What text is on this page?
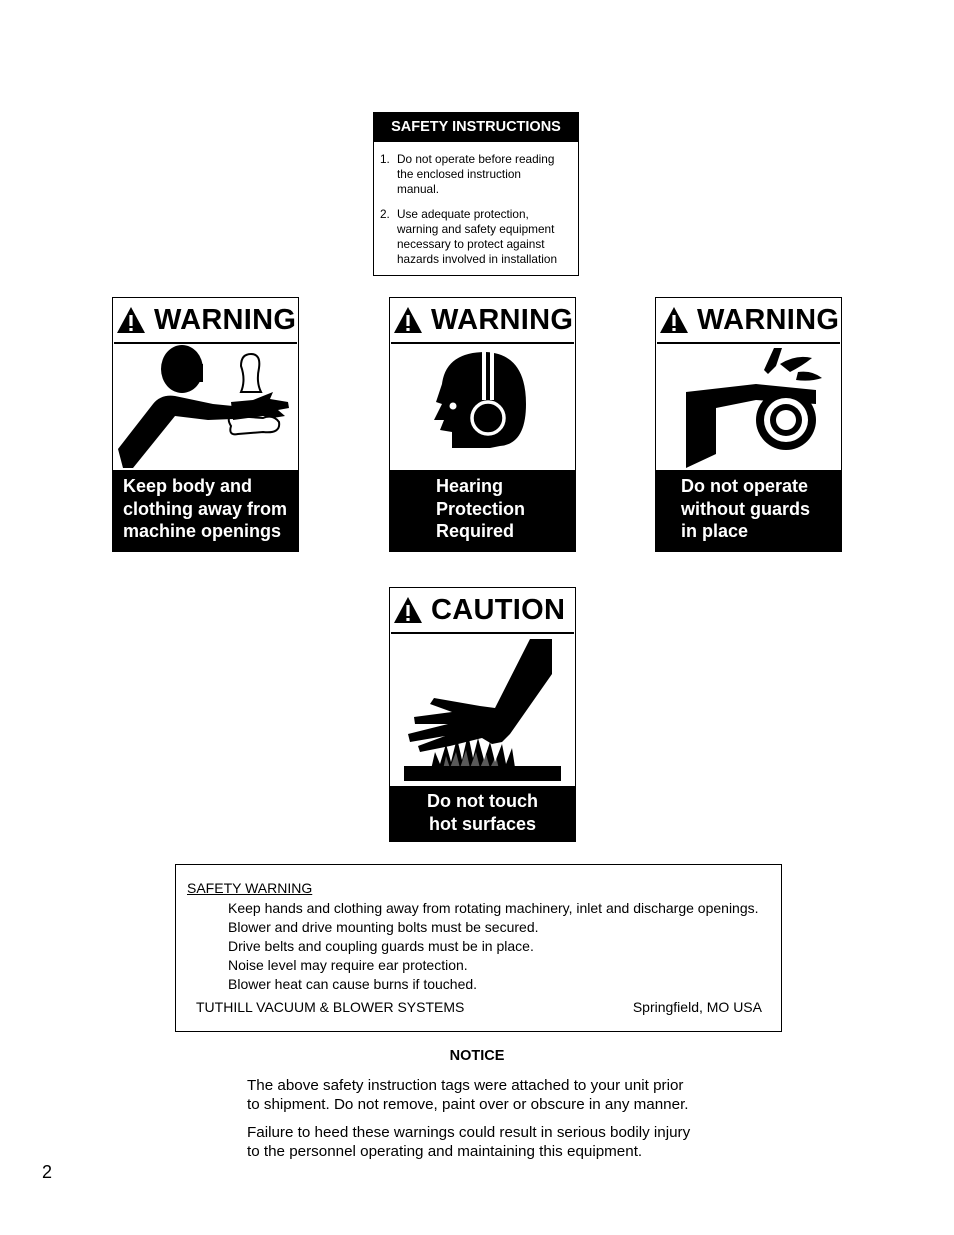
SAFETY INSTRUCTIONS
1. Do not operate before reading
the enclosed instruction
manual.
2. Use adequate protection,
warning and safety equipment
necessary to protect against
hazards involved in installation
WARNING
Keep body and
clothing away from
machine openings
WARNING
Hearing
Protection
Required
WARNING
Do not operate
without guards
in place
CAUTION
Do not touch
hot surfaces
SAFETY WARNING
Keep hands and clothing away from rotating machinery, inlet and discharge openings.
Blower and drive mounting bolts must be secured.
Drive belts and coupling guards must be in place.
Noise level may require ear protection.
Blower heat can cause burns if touched.
TUTHILL VACUUM & BLOWER SYSTEMS	Springfield, MO USA
NOTICE
The above safety instruction tags were attached to your unit prior
to shipment. Do not remove, paint over or obscure in any manner.
Failure to heed these warnings could result in serious bodily injury
to the personnel operating and maintaining this equipment.
2
